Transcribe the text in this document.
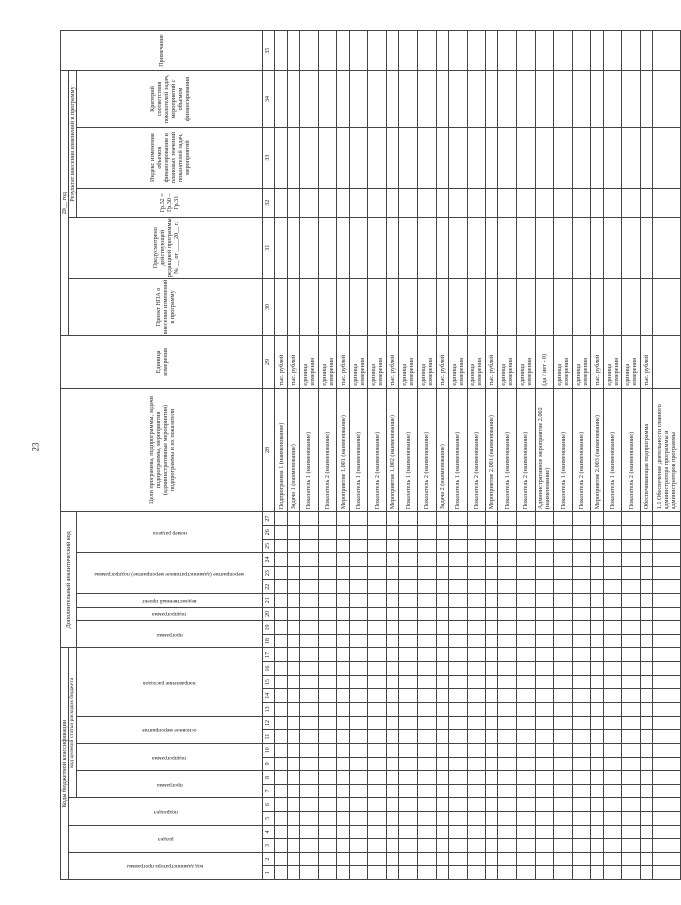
23
Коды бюджетной классификации																	Дополнительный аналитический код										Цели программы, подпрограммы, задачи подпрограммы, мероприятия (административные мероприятия) подпрограммы и их показатели	Единица измерения	20__ год					Примечание

код администратора программы		раздел		подраздел		код целевой статьи расходов бюджета																							Проект НПА о внесении изменений в программу	Предусмотрено действующей редакцией программы № __ от ____20__ г.	Результат внесения изменений в программу			

						программа		подпрограмма		основное мероприятие		направление расходов					программа		подпрограмма	ведомственный проект	мероприятие (административное мероприятие) подпрограммы			номер раздела							Гр.32 = Гр.30 – Гр.31	Индекс изменения объемов финансирования и плановых значений показателей задач, мероприятий	Критерий соответствия показателей задач, мероприятий с объемом финансирования	

1	2	3	4	5	6	7	8	9	10	11	12	13	14	15	16	17	18	19	20	21	22	23	24	25	26	27	28	29	30	31	32	33	34	35
																											Подпрограмма 1 (наименование)	тыс. рублей						
																											Задача 1 (наименование)	тыс. рублей						
																											Показатель 1 (наименование)	единица измерения						
																											Показатель 2 (наименование)	единица измерения						
																											Мероприятие 1.001 (наименование)	тыс. рублей						
																											Показатель 1 (наименование)	единица измерения						
																											Показатель 2 (наименование)	единица измерения						
																											Мероприятие 1.002 (наименование)	тыс. рублей						
																											Показатель 1 (наименование)	единица измерения						
																											Показатель 2 (наименование)	единица измерения						
																											Задача 2 (наименование)	тыс. рублей						
																											Показатель 1 (наименование)	единица измерения						
																											Показатель 2 (наименование)	единица измерения						
																											Мероприятие 2.001 (наименование)	тыс. рублей						
																											Показатель 1 (наименование)	единица измерения						
																											Показатель 2 (наименование)	единица измерения						
																											Административное мероприятие 2.002 (наименование)	(да / нет - 0)						
																											Показатель 1 (наименование)	единица измерения						
																											Показатель 2 (наименование)	единица измерения						
																											Мероприятие 2.003 (наименование)	тыс. рублей						
																											Показатель 1 (наименование)	единица измерения						
																											Показатель 2 (наименование)	единица измерения						
																											Обеспечивающая подпрограмма	тыс. рублей						
																											1.1 Обеспечение деятельности главного администратора программы и администраторов программы							
